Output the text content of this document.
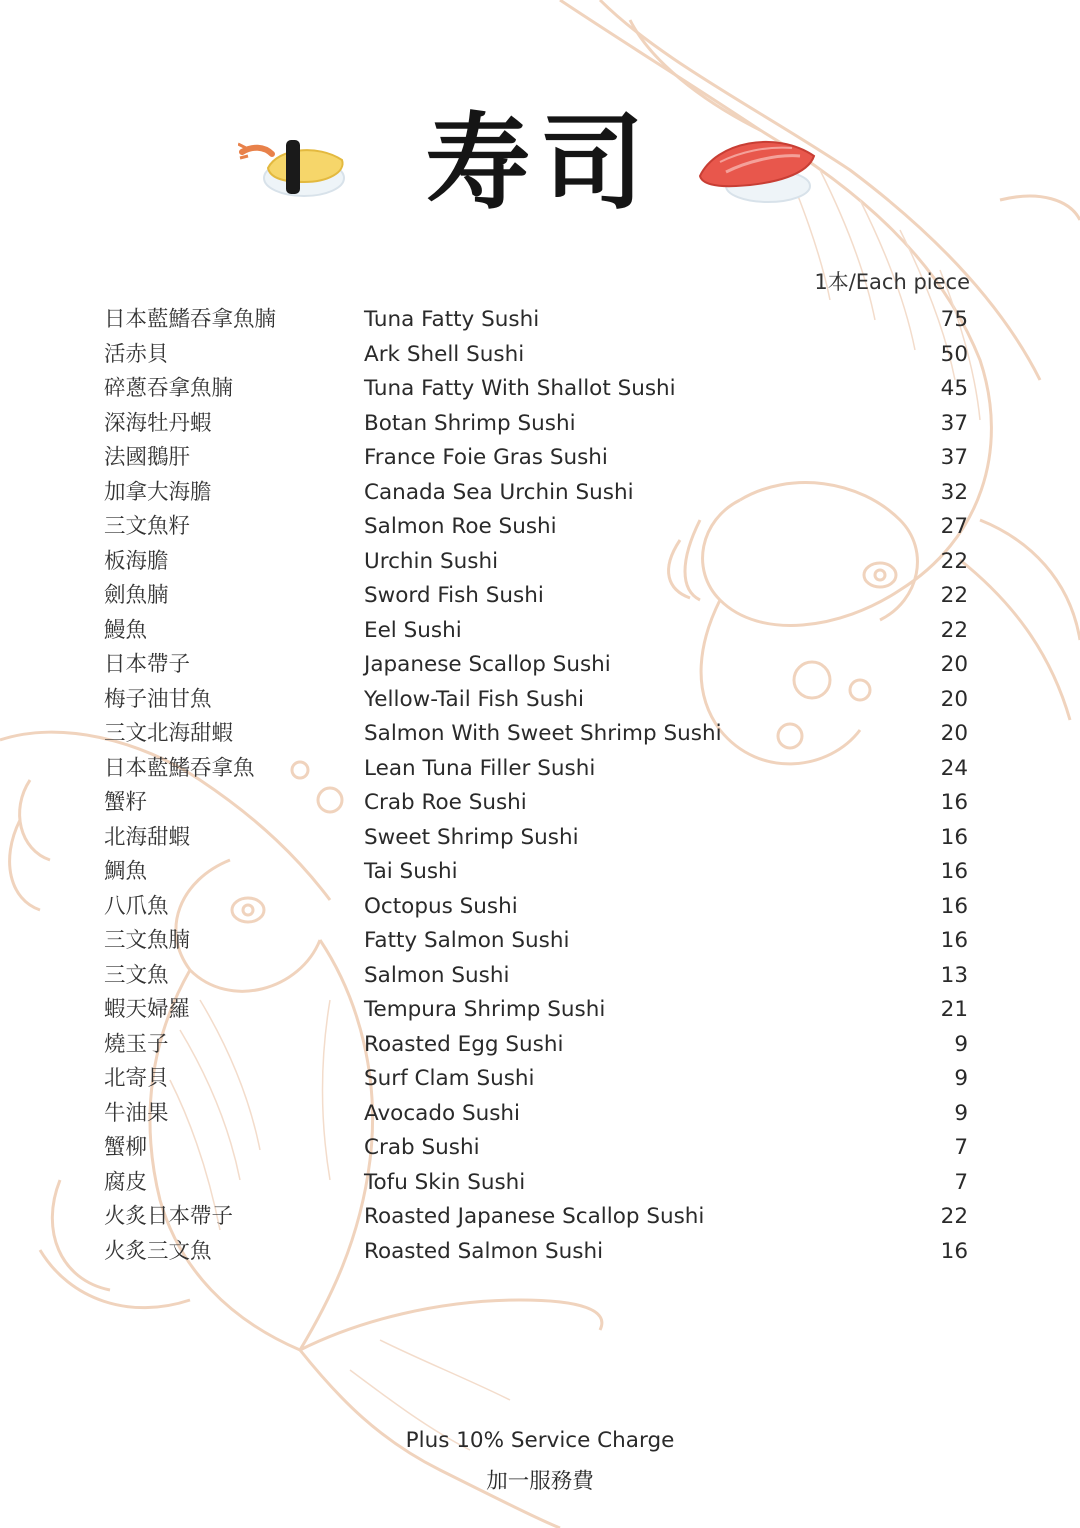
寿司
1本/Each piece
日本藍鰭吞拿魚腩	Tuna Fatty Sushi	75
活赤貝	Ark Shell Sushi	50
碎蔥吞拿魚腩	Tuna Fatty With Shallot Sushi	45
深海牡丹蝦	Botan Shrimp Sushi	37
法國鵝肝	France Foie Gras Sushi	37
加拿大海膽	Canada Sea Urchin Sushi	32
三文魚籽	Salmon Roe Sushi	27
板海膽	Urchin Sushi	22
劍魚腩	Sword Fish Sushi	22
鰻魚	Eel Sushi	22
日本帶子	Japanese Scallop Sushi	20
梅子油甘魚	Yellow-Tail Fish Sushi	20
三文北海甜蝦	Salmon With Sweet Shrimp Sushi	20
日本藍鰭吞拿魚	Lean Tuna Filler Sushi	24
蟹籽	Crab Roe Sushi	16
北海甜蝦	Sweet Shrimp Sushi	16
鯛魚	Tai Sushi	16
八爪魚	Octopus Sushi	16
三文魚腩	Fatty Salmon Sushi	16
三文魚	Salmon Sushi	13
蝦天婦羅	Tempura Shrimp Sushi	21
燒玉子	Roasted Egg Sushi	9
北寄貝	Surf Clam Sushi	9
牛油果	Avocado Sushi	9
蟹柳	Crab Sushi	7
腐皮	Tofu Skin Sushi	7
火炙日本帶子	Roasted Japanese Scallop Sushi	22
火炙三文魚	Roasted Salmon Sushi	16
Plus 10% Service Charge
加一服務費
